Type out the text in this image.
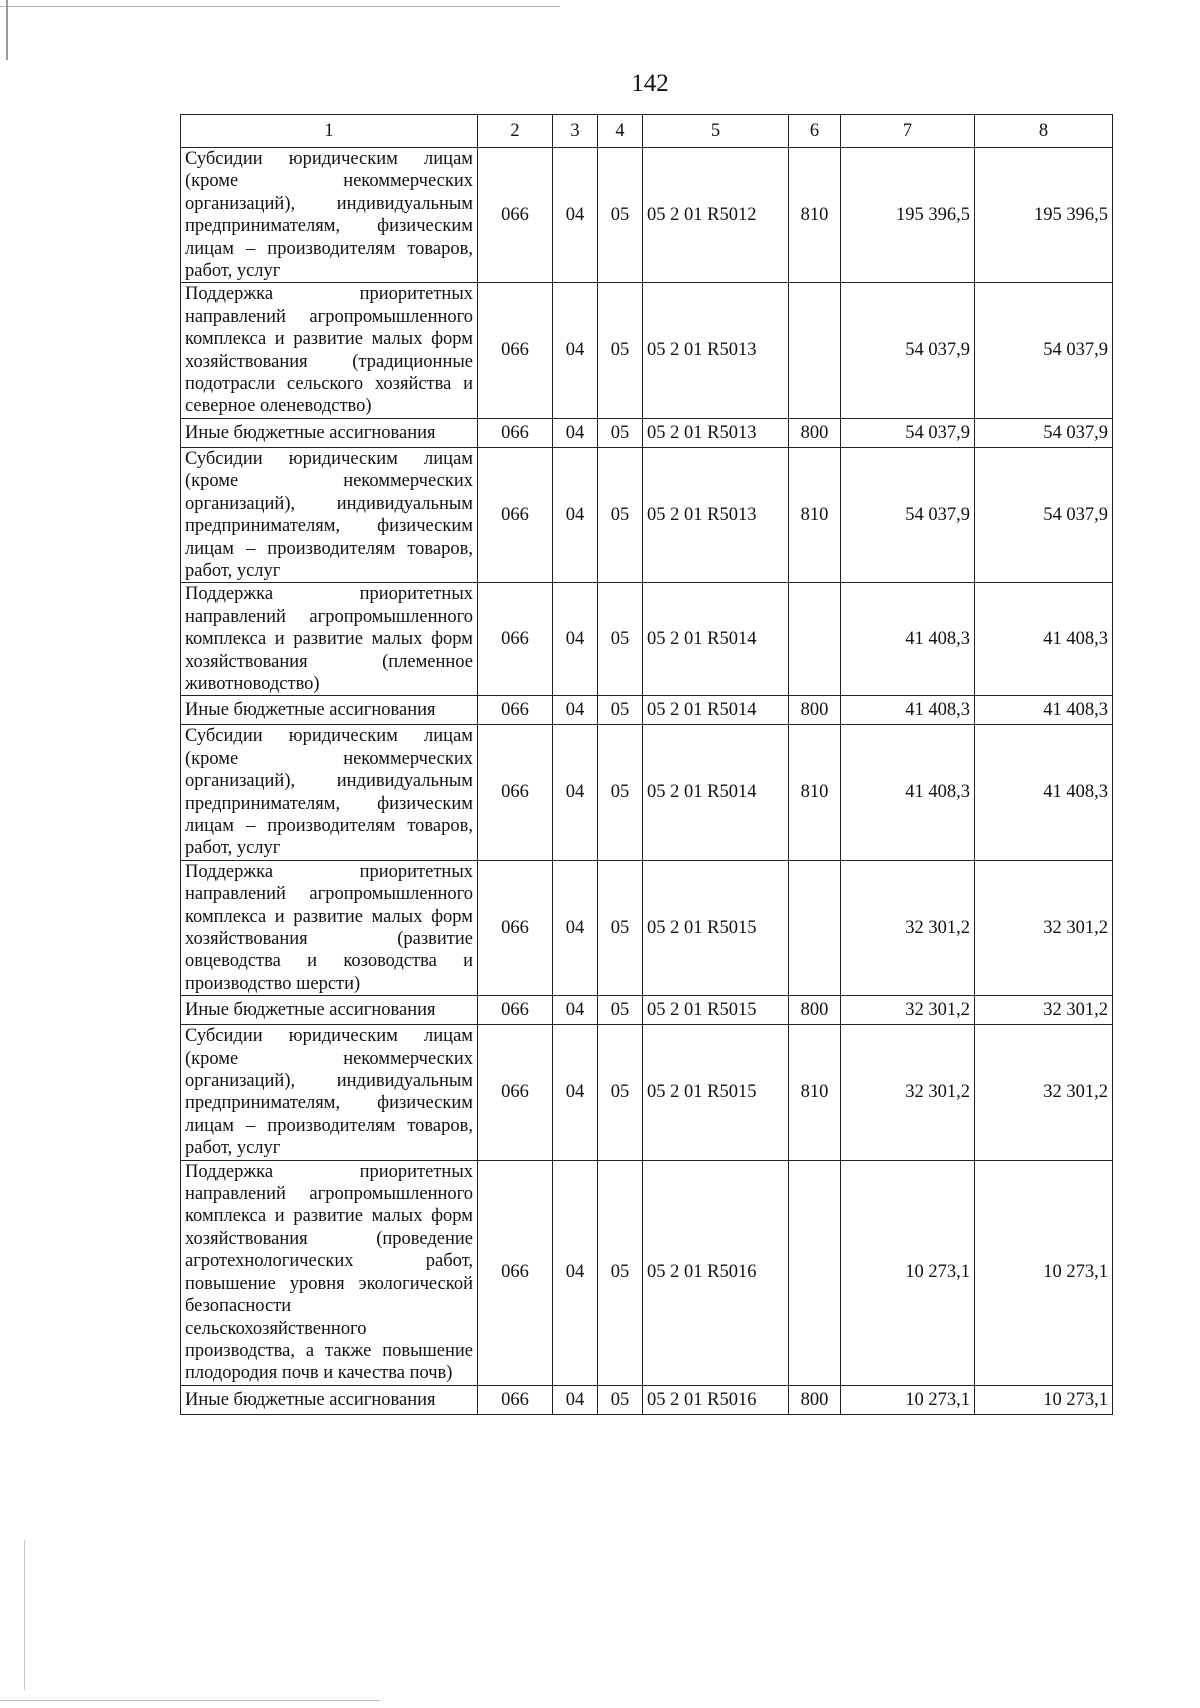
142
1	2	3	4	5	6	7	8
Субсидии юридическим лицам (кроме некоммерческих организаций), индивидуальным предпринимателям, физическим лицам – производителям товаров, работ, услуг	066	04	05	05 2 01 R5012	810	195 396,5	195 396,5
Поддержка приоритетных направлений агропромышленного комплекса и развитие малых форм хозяйствования (традиционные подотрасли сельского хозяйства и северное оленеводство)	066	04	05	05 2 01 R5013		54 037,9	54 037,9
Иные бюджетные ассигнования	066	04	05	05 2 01 R5013	800	54 037,9	54 037,9
Субсидии юридическим лицам (кроме некоммерческих организаций), индивидуальным предпринимателям, физическим лицам – производителям товаров, работ, услуг	066	04	05	05 2 01 R5013	810	54 037,9	54 037,9
Поддержка приоритетных направлений агропромышленного комплекса и развитие малых форм хозяйствования (племенное животноводство)	066	04	05	05 2 01 R5014		41 408,3	41 408,3
Иные бюджетные ассигнования	066	04	05	05 2 01 R5014	800	41 408,3	41 408,3
Субсидии юридическим лицам (кроме некоммерческих организаций), индивидуальным предпринимателям, физическим лицам – производителям товаров, работ, услуг	066	04	05	05 2 01 R5014	810	41 408,3	41 408,3
Поддержка приоритетных направлений агропромышленного комплекса и развитие малых форм хозяйствования (развитие овцеводства и козоводства и производство шерсти)	066	04	05	05 2 01 R5015		32 301,2	32 301,2
Иные бюджетные ассигнования	066	04	05	05 2 01 R5015	800	32 301,2	32 301,2
Субсидии юридическим лицам (кроме некоммерческих организаций), индивидуальным предпринимателям, физическим лицам – производителям товаров, работ, услуг	066	04	05	05 2 01 R5015	810	32 301,2	32 301,2
Поддержка приоритетных направлений агропромышленного комплекса и развитие малых форм хозяйствования (проведение агротехнологических работ, повышение уровня экологической безопасности сельскохозяйственного производства, а также повышение плодородия почв и качества почв)	066	04	05	05 2 01 R5016		10 273,1	10 273,1
Иные бюджетные ассигнования	066	04	05	05 2 01 R5016	800	10 273,1	10 273,1
